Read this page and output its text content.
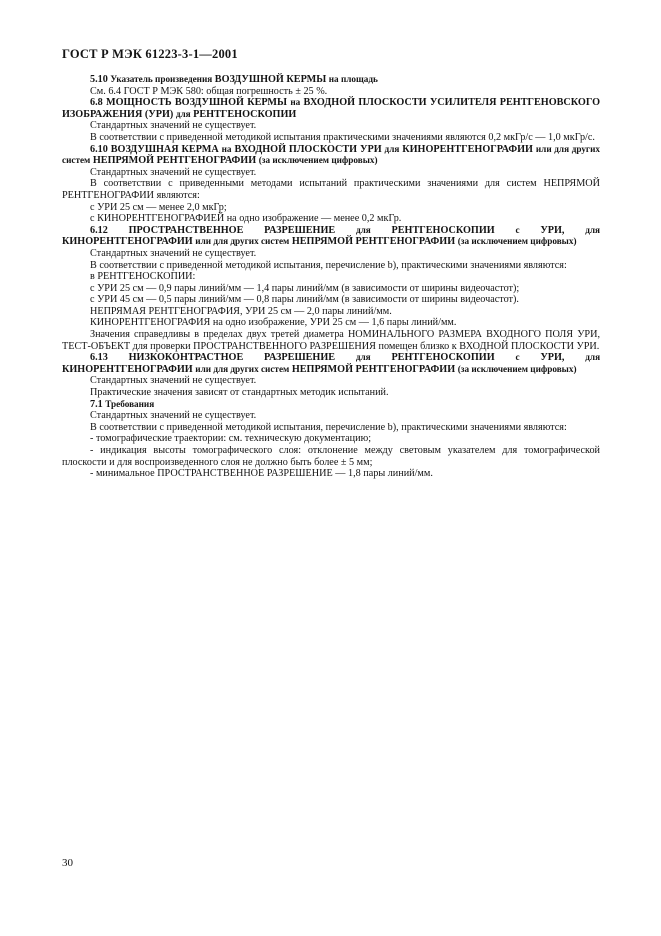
ГОСТ Р МЭК 61223-3-1—2001

5.10 Указатель произведения ВОЗДУШНОЙ КЕРМЫ на площадь

См. 6.4 ГОСТ Р МЭК 580: общая погрешность ± 25 %.

6.8 МОЩНОСТЬ ВОЗДУШНОЙ КЕРМЫ на ВХОДНОЙ ПЛОСКОСТИ УСИЛИТЕЛЯ РЕНТГЕНОВСКОГО ИЗОБРАЖЕНИЯ (УРИ) для РЕНТГЕНОСКОПИИ

Стандартных значений не существует.

В соответствии с приведенной методикой испытания практическими значениями являются 0,2 мкГр/с — 1,0 мкГр/с.

6.10 ВОЗДУШНАЯ КЕРМА на ВХОДНОЙ ПЛОСКОСТИ УРИ для КИНОРЕНТГЕНОГРАФИИ или для других систем НЕПРЯМОЙ РЕНТГЕНОГРАФИИ (за исключением цифровых)

Стандартных значений не существует.

В соответствии с приведенными методами испытаний практическими значениями для систем НЕПРЯМОЙ РЕНТГЕНОГРАФИИ являются:

с УРИ 25 см — менее 2,0 мкГр;

с КИНОРЕНТГЕНОГРАФИЕЙ на одно изображение — менее 0,2 мкГр.

6.12 ПРОСТРАНСТВЕННОЕ РАЗРЕШЕНИЕ для РЕНТГЕНОСКОПИИ с УРИ, для КИНОРЕНТГЕНОГРАФИИ или для других систем НЕПРЯМОЙ РЕНТГЕНОГРАФИИ (за исключением цифровых)

Стандартных значений не существует.

В соответствии с приведенной методикой испытания, перечисление b), практическими значениями являются:

в РЕНТГЕНОСКОПИИ:

с УРИ 25 см — 0,9 пары линий/мм — 1,4 пары линий/мм (в зависимости от ширины видеочастот);

с УРИ 45 см — 0,5 пары линий/мм — 0,8 пары линий/мм (в зависимости от ширины видеочастот).

НЕПРЯМАЯ РЕНТГЕНОГРАФИЯ, УРИ 25 см — 2,0 пары линий/мм.

КИНОРЕНТГЕНОГРАФИЯ на одно изображение, УРИ 25 см — 1,6 пары линий/мм.

Значения справедливы в пределах двух третей диаметра НОМИНАЛЬНОГО РАЗМЕРА ВХОДНОГО ПОЛЯ УРИ, ТЕСТ-ОБЪЕКТ для проверки ПРОСТРАНСТВЕННОГО РАЗРЕШЕНИЯ помещен близко к ВХОДНОЙ ПЛОСКОСТИ УРИ.

6.13 НИЗКОКОНТРАСТНОЕ РАЗРЕШЕНИЕ для РЕНТГЕНОСКОПИИ с УРИ, для КИНОРЕНТГЕНОГРАФИИ или для других систем НЕПРЯМОЙ РЕНТГЕНОГРАФИИ (за исключением цифровых)

Стандартных значений не существует.

Практические значения зависят от стандартных методик испытаний.

7.1 Требования

Стандартных значений не существует.

В соответствии с приведенной методикой испытания, перечисление b), практическими значениями являются:

- томографические траектории: см. техническую документацию;

- индикация высоты томографического слоя: отклонение между световым указателем для томографической плоскости и для воспроизведенного слоя не должно быть более ± 5 мм;

- минимальное ПРОСТРАНСТВЕННОЕ РАЗРЕШЕНИЕ — 1,8 пары линий/мм.

30
